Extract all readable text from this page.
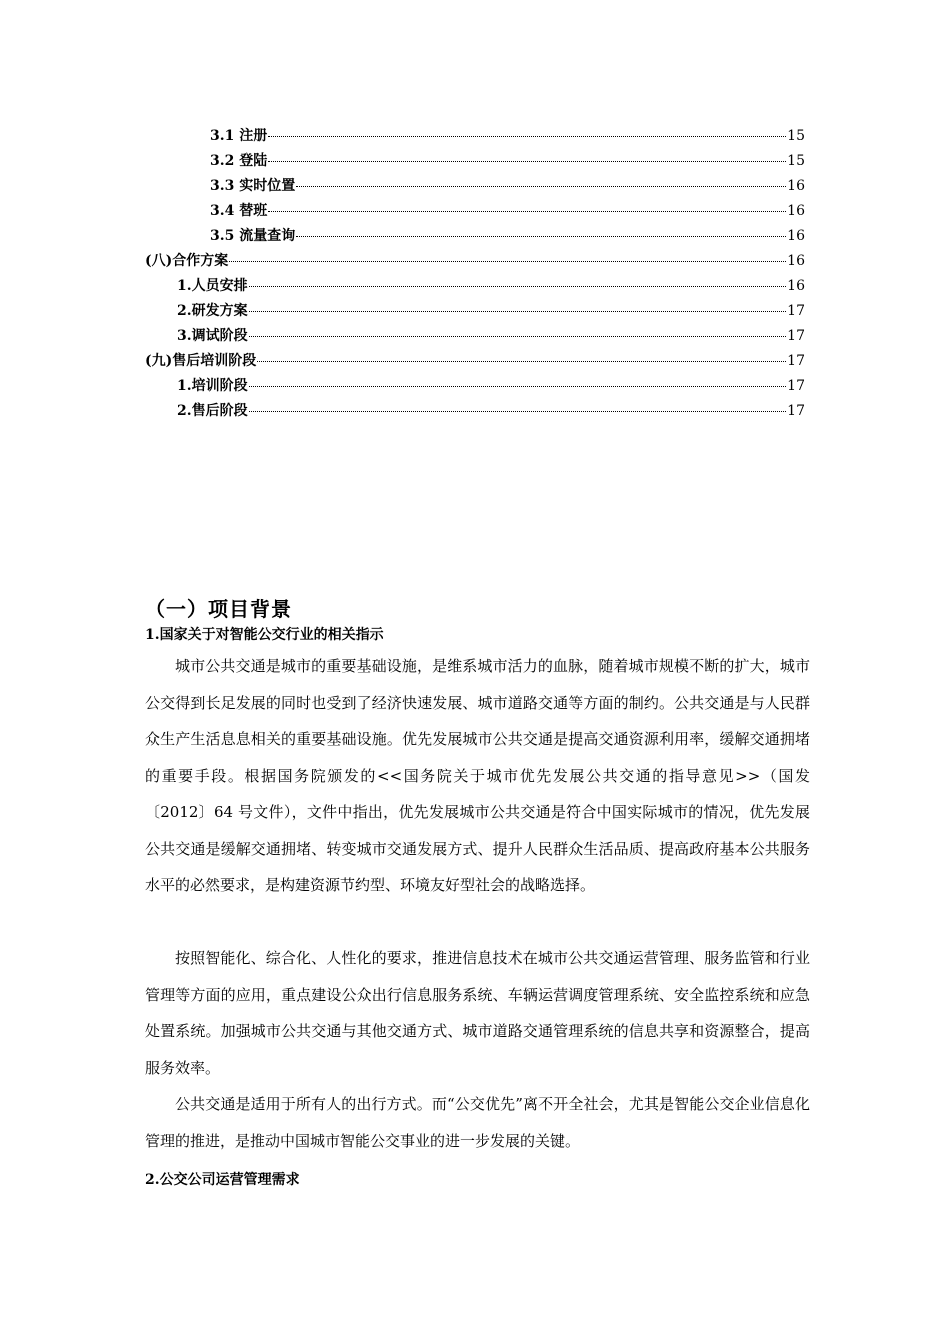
3.1 注册	15
3.2 登陆	15
3.3 实时位置	16
3.4 替班	16
3.5 流量查询	16
(八)合作方案	16
1.人员安排	16
2.研发方案	17
3.调试阶段	17
(九)售后培训阶段	17
1.培训阶段	17
2.售后阶段	17
（一）项目背景
1.国家关于对智能公交行业的相关指示

城市公共交通是城市的重要基础设施，是维系城市活力的血脉，随着城市规模不断的扩大，城市公交得到长足发展的同时也受到了经济快速发展、城市道路交通等方面的制约。公共交通是与人民群众生产生活息息相关的重要基础设施。优先发展城市公共交通是提高交通资源利用率，缓解交通拥堵的重要手段。根据国务院颁发的<<国务院关于城市优先发展公共交通的指导意见>>（国发〔2012〕64 号文件），文件中指出，优先发展城市公共交通是符合中国实际城市的情况，优先发展公共交通是缓解交通拥堵、转变城市交通发展方式、提升人民群众生活品质、提高政府基本公共服务水平的必然要求，是构建资源节约型、环境友好型社会的战略选择。

按照智能化、综合化、人性化的要求，推进信息技术在城市公共交通运营管理、服务监管和行业管理等方面的应用，重点建设公众出行信息服务系统、车辆运营调度管理系统、安全监控系统和应急处置系统。加强城市公共交通与其他交通方式、城市道路交通管理系统的信息共享和资源整合，提高服务效率。

公共交通是适用于所有人的出行方式。而“公交优先”离不开全社会，尤其是智能公交企业信息化管理的推进，是推动中国城市智能公交事业的进一步发展的关键。

2.公交公司运营管理需求
